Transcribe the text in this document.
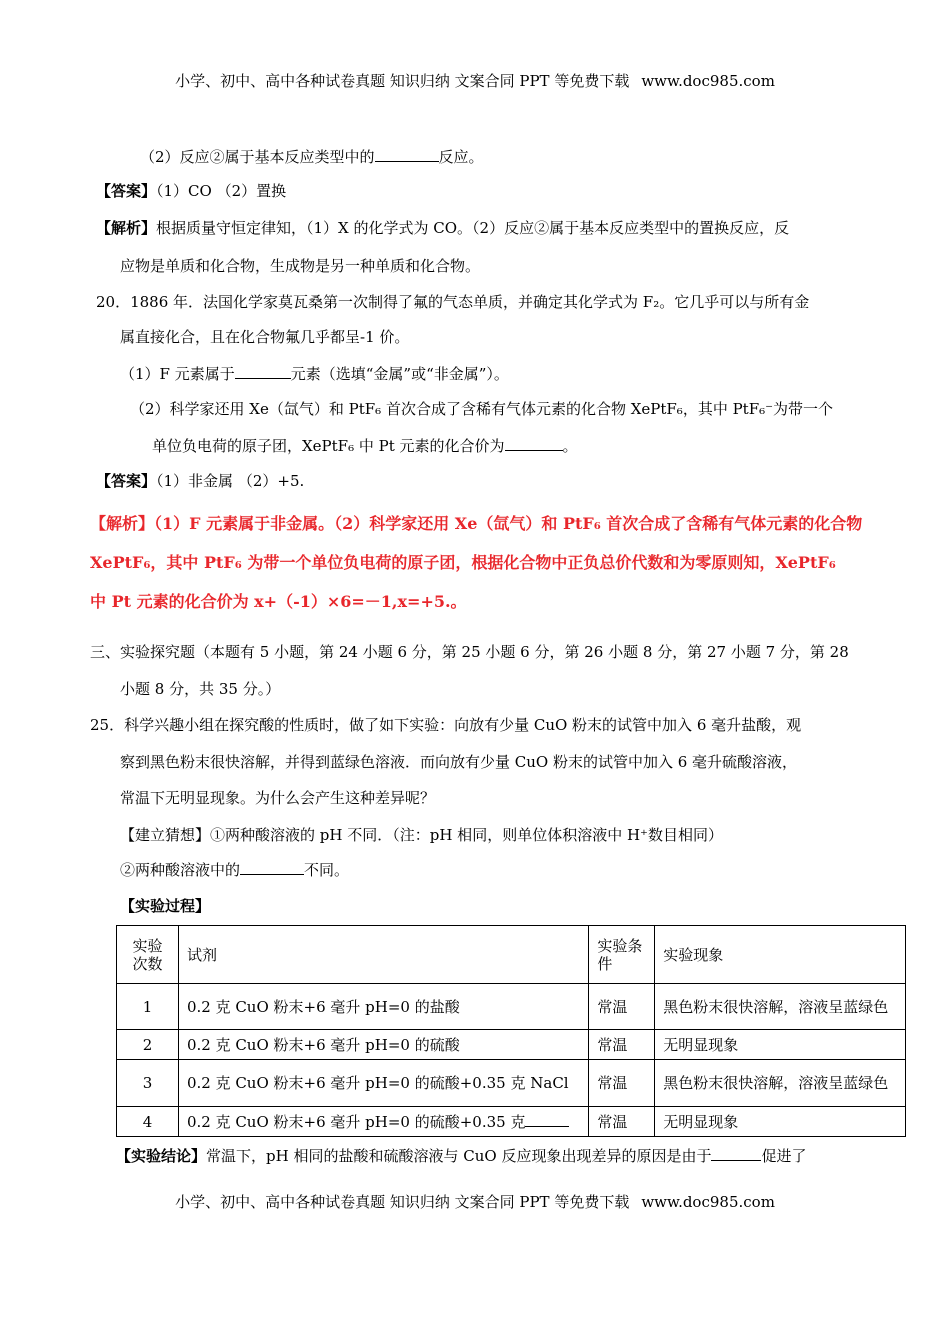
小学、初中、高中各种试卷真题 知识归纳 文案合同 PPT 等免费下载 www.doc985.com
（2）反应②属于基本反应类型中的	反应。
【答案】（1）CO （2）置换
【解析】根据质量守恒定律知，（1）X 的化学式为 CO。（2）反应②属于基本反应类型中的置换反应，反
应物是单质和化合物，生成物是另一种单质和化合物。
20．1886 年．法国化学家莫瓦桑第一次制得了氟的气态单质，并确定其化学式为 F₂。它几乎可以与所有金
属直接化合，且在化合物氟几乎都呈-1 价。
（1）F 元素属于	元素（选填“金属”或“非金属”）。
（2）科学家还用 Xe（氙气）和 PtF₆ 首次合成了含稀有气体元素的化合物 XePtF₆，其中 PtF₆⁻为带一个
单位负电荷的原子团，XePtF₆ 中 Pt 元素的化合价为	。
【答案】（1）非金属 （2）+5.
【解析】（1）F 元素属于非金属。（2）科学家还用 Xe（氙气）和 PtF₆ 首次合成了含稀有气体元素的化合物
XePtF₆，其中 PtF₆ 为带一个单位负电荷的原子团，根据化合物中正负总价代数和为零原则知，XePtF₆
中 Pt 元素的化合价为 x+（-1）×6=－1,x=+5.。
三、实验探究题（本题有 5 小题，第 24 小题 6 分，第 25 小题 6 分，第 26 小题 8 分，第 27 小题 7 分，第 28
小题 8 分，共 35 分。）
25．科学兴趣小组在探究酸的性质时，做了如下实验：向放有少量 CuO 粉末的试管中加入 6 毫升盐酸，观
察到黑色粉末很快溶解，并得到蓝绿色溶液．而向放有少量 CuO 粉末的试管中加入 6 毫升硫酸溶液，
常温下无明显现象。为什么会产生这种差异呢？
【建立猜想】①两种酸溶液的 pH 不同．（注：pH 相同，则单位体积溶液中 H⁺数目相同）
②两种酸溶液中的	不同。
【实验过程】
实验次数	试剂	实验条件	实验现象
1	0.2 克 CuO 粉末+6 毫升 pH=0 的盐酸	常温	黑色粉末很快溶解，溶液呈蓝绿色
2	0.2 克 CuO 粉末+6 毫升 pH=0 的硫酸	常温	无明显现象
3	0.2 克 CuO 粉末+6 毫升 pH=0 的硫酸+0.35 克 NaCl	常温	黑色粉末很快溶解，溶液呈蓝绿色
4	0.2 克 CuO 粉末+6 毫升 pH=0 的硫酸+0.35 克	常温	无明显现象
【实验结论】常温下，pH 相同的盐酸和硫酸溶液与 CuO 反应现象出现差异的原因是由于	促进了
小学、初中、高中各种试卷真题 知识归纳 文案合同 PPT 等免费下载 www.doc985.com
